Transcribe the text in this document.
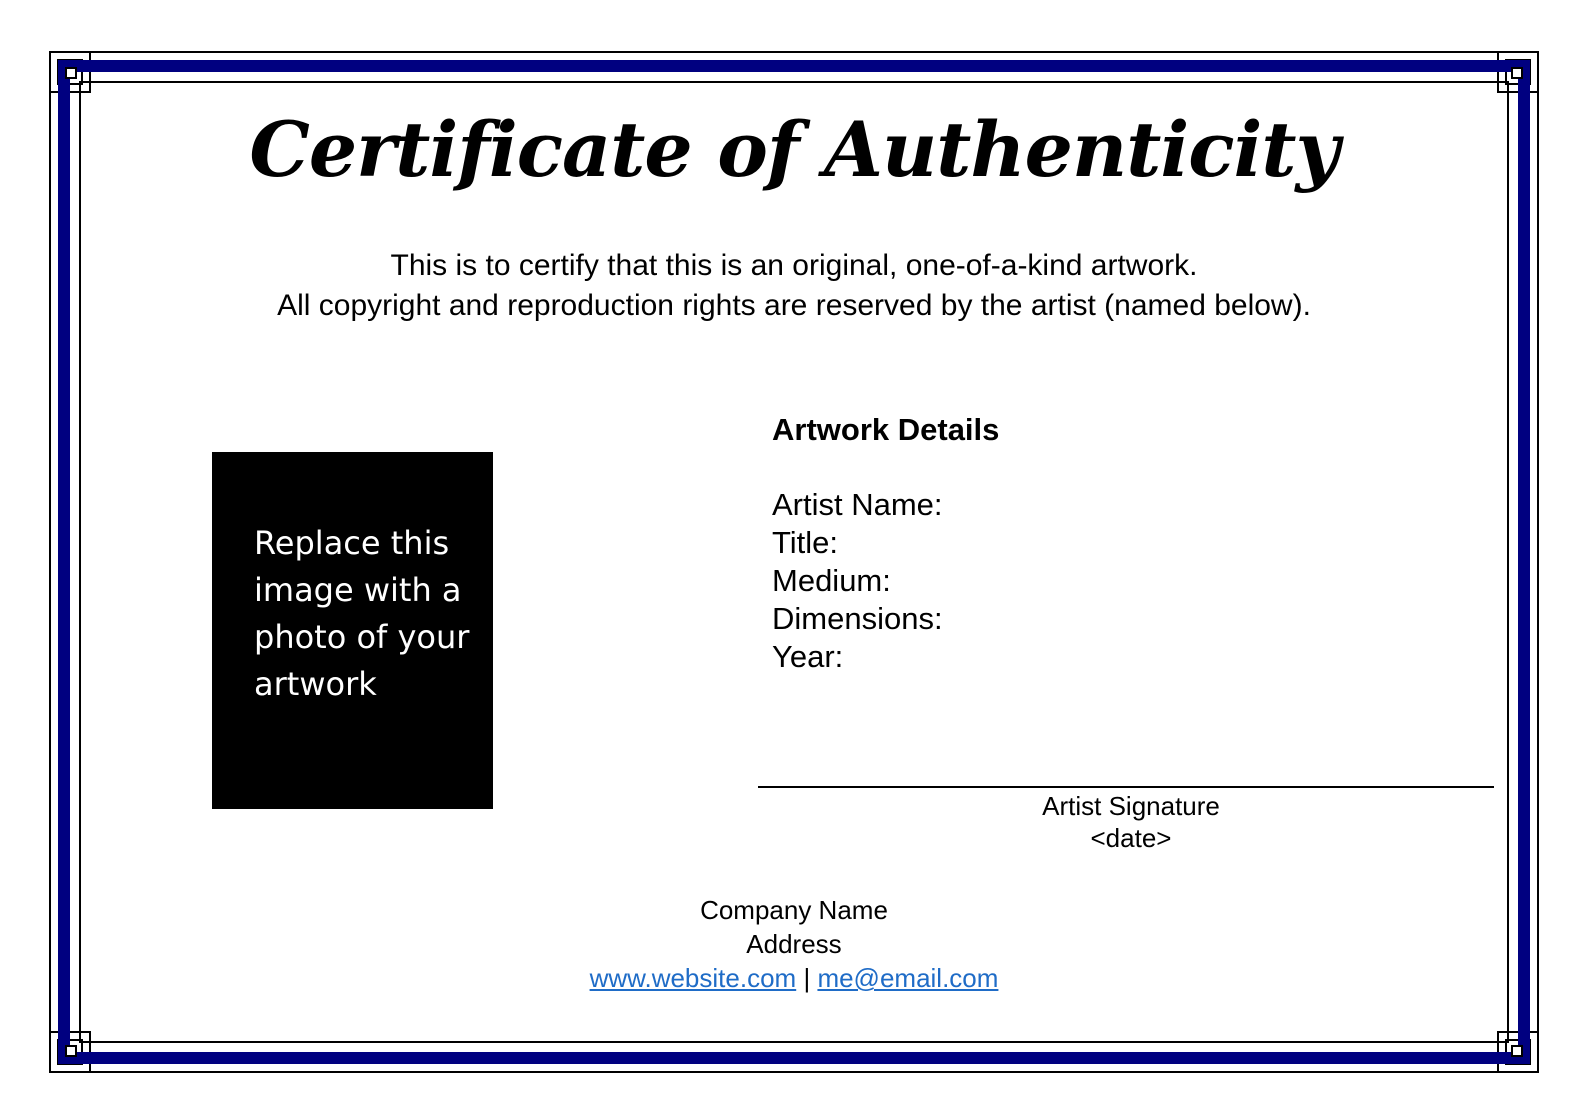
Certificate of Authenticity
This is to certify that this is an original, one-of-a-kind artwork.
All copyright and reproduction rights are reserved by the artist (named below).
Replace this image with a photo of your artwork
Artwork Details
Artist Name:
Title:
Medium:
Dimensions:
Year:
Artist Signature
<date>
Company Name
Address
www.website.com | me@email.com
